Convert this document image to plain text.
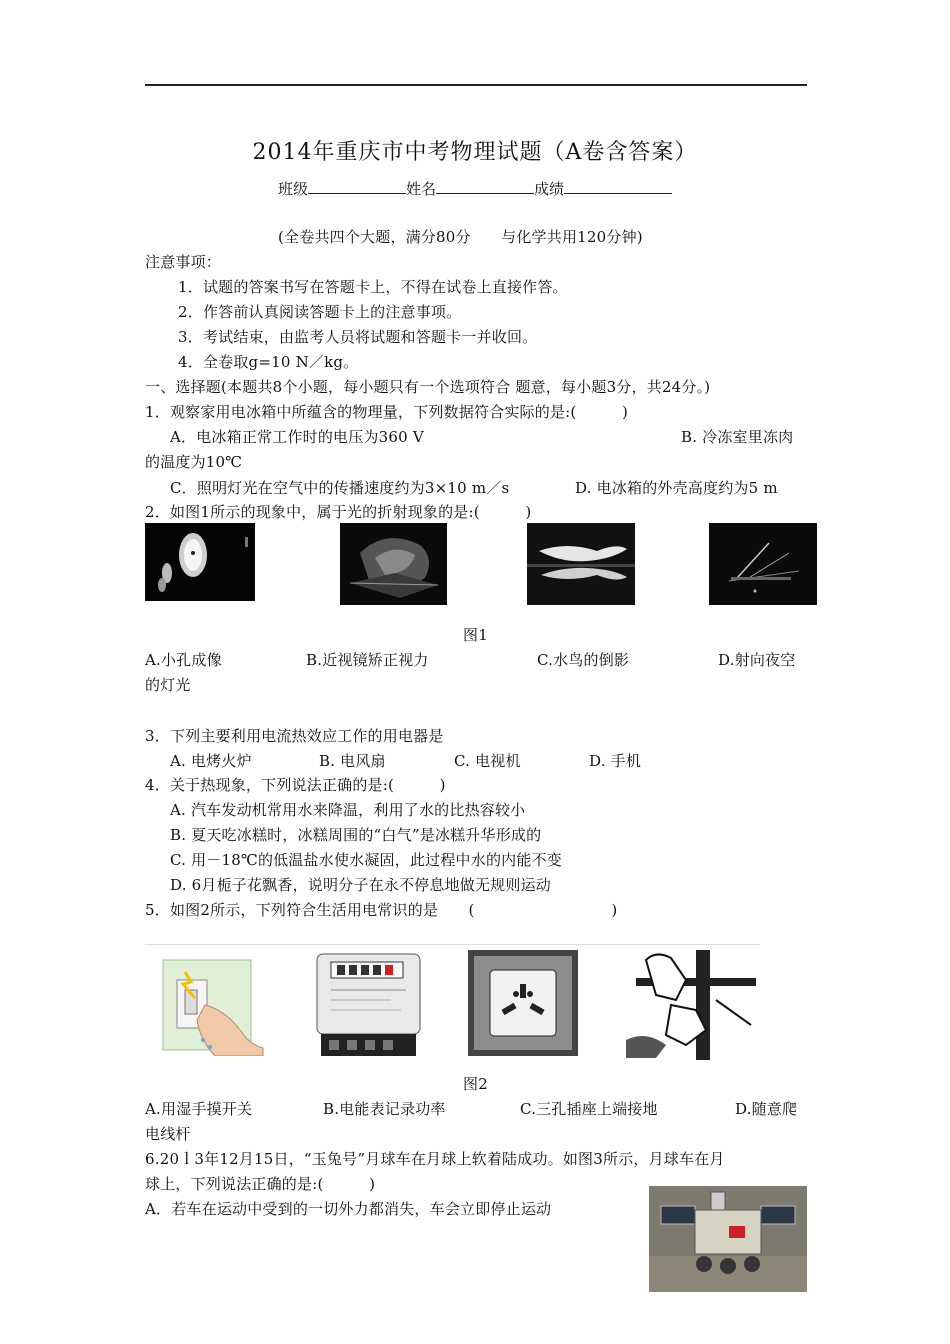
2014年重庆市中考物理试题（A卷含答案）
班级	姓名	成绩
(全卷共四个大题，满分80分　　与化学共用120分钟)
注意事项：
1．试题的答案书写在答题卡上，不得在试卷上直接作答。
2．作答前认真阅读答题卡上的注意事项。
3．考试结束，由监考人员将试题和答题卡一并收回。
4．全卷取g=10 N／kg。
一、选择题(本题共8个小题，每小题只有一个选项符合 题意，每小题3分，共24分。)
1．观察家用电冰箱中所蕴含的物理量，下列数据符合实际的是:(　　　)
A．电冰箱正常工作时的电压为360 V	B. 冷冻室里冻肉
的温度为10℃
C．照明灯光在空气中的传播速度约为3×10 m／s	D. 电冰箱的外壳高度约为5 m
2．如图1所示的现象中，属于光的折射现象的是:(　　　)
图1
A.小孔成像	B.近视镜矫正视力	C.水鸟的倒影	D.射向夜空
的灯光
3．下列主要利用电流热效应工作的用电器是
A. 电烤火炉	B. 电风扇	C. 电视机	D. 手机
4．关于热现象，下列说法正确的是:(　　　)
A. 汽车发动机常用水来降温，利用了水的比热容较小
B. 夏天吃冰糕时，冰糕周围的“白气”是冰糕升华形成的
C. 用－18℃的低温盐水使水凝固，此过程中水的内能不变
D. 6月栀子花飘香，说明分子在永不停息地做无规则运动
5．如图2所示，下列符合生活用电常识的是　　(　　　　　　　　　)
图2
A.用湿手摸开关	B.电能表记录功率	C.三孔插座上端接地	D.随意爬
电线杆
6.20ｌ3年12月15日，“玉兔号”月球车在月球上软着陆成功。如图3所示，月球车在月
球上，下列说法正确的是:(　　　)
A．若车在运动中受到的一切外力都消失，车会立即停止运动
